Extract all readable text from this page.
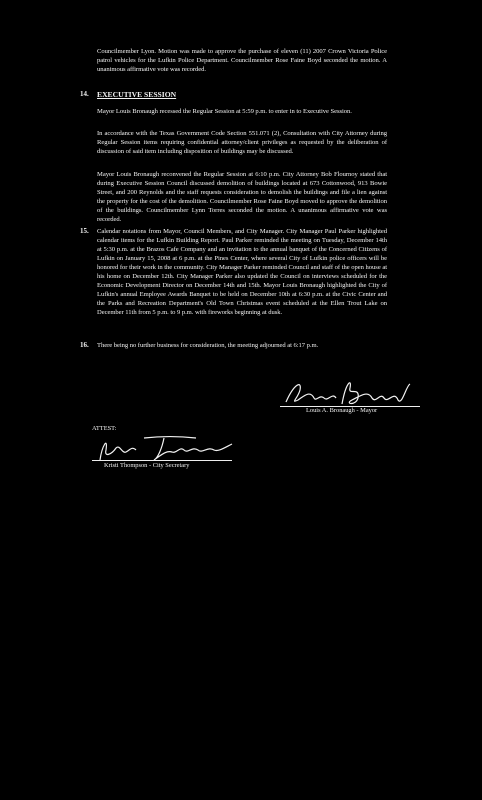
Councilmember Lyon. Motion was made to approve the purchase of eleven (11) 2007 Crown Victoria Police patrol vehicles for the Lufkin Police Department. Councilmember Rose Faine Boyd seconded the motion. A unanimous affirmative vote was recorded.
14. EXECUTIVE SESSION
Mayor Louis Bronaugh recessed the Regular Session at 5:59 p.m. to enter in to Executive Session.
In accordance with the Texas Government Code Section 551.071 (2), Consultation with City Attorney during Regular Session items requiring confidential attorney/client privileges as requested by the deliberation of discussion of said item including disposition of buildings may be discussed.
Mayor Louis Bronaugh reconvened the Regular Session at 6:10 p.m. City Attorney Bob Flournoy stated that during Executive Session Council discussed demolition of buildings located at 673 Cottonwood, 913 Bowie Street, and 200 Reynolds and the staff requests consideration to demolish the buildings and file a lien against the property for the cost of the demolition. Councilmember Rose Faine Boyd moved to approve the demolition of the buildings. Councilmember Lynn Torres seconded the motion. A unanimous affirmative vote was recorded.
15. Calendar notations from Mayor, Council Members, and City Manager. City Manager Paul Parker highlighted calendar items for the Lufkin Building Report. Paul Parker reminded the meeting on Tuesday, December 14th at 5:30 p.m. at the Brazos Cafe Company and an invitation to the annual banquet of the Concerned Citizens of Lufkin on January 15, 2008 at 6 p.m. at the Pines Center, where several City of Lufkin police officers will be honored for their work in the community. City Manager Parker reminded Council and staff of the open house at his home on December 12th. City Manager Parker also updated the Council on interviews scheduled for the Economic Development Director on December 14th and 15th. Mayor Louis Bronaugh highlighted the City of Lufkin's annual Employee Awards Banquet to be held on December 10th at 6:30 p.m. at the Civic Center and the Parks and Recreation Department's Old Town Christmas event scheduled at the Ellen Trout Lake on December 11th from 5 p.m. to 9 p.m. with fireworks beginning at dusk.
16. There being no further business for consideration, the meeting adjourned at 6:17 p.m.
Louis A. Bronaugh - Mayor
ATTEST:
Kristi Thompson - City Secretary
